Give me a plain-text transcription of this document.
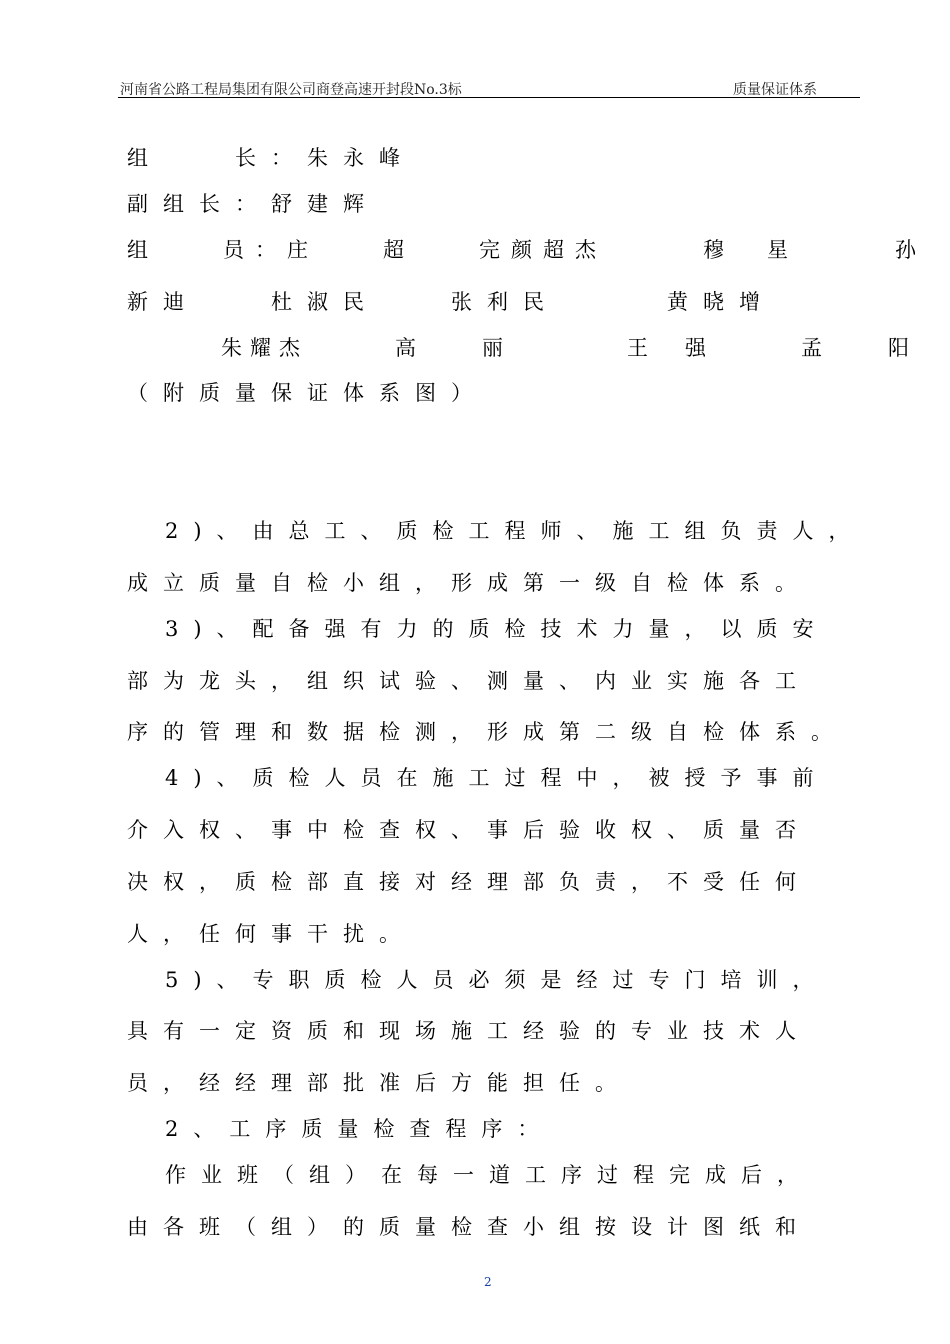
河南省公路工程局集团有限公司商登高速开封段No.3标	质量保证体系
组　　长：朱永峰
副组长：舒建辉
组　　员：庄　　超　　完颜超杰　　　穆　星　　　孙
新迪　　杜淑民　　张利民　　　黄晓增
朱耀杰　　　高　　丽　　　　王　强　　　孟　　阳
（附质量保证体系图）
2)、由总工、质检工程师、施工组负责人，
成立质量自检小组，形成第一级自检体系。
3)、配备强有力的质检技术力量，以质安
部为龙头，组织试验、测量、内业实施各工
序的管理和数据检测，形成第二级自检体系。
4)、质检人员在施工过程中，被授予事前
介入权、事中检查权、事后验收权、质量否
决权，质检部直接对经理部负责，不受任何
人，任何事干扰。
5)、专职质检人员必须是经过专门培训，
具有一定资质和现场施工经验的专业技术人
员，经经理部批准后方能担任。
2、工序质量检查程序：
作业班（组）在每一道工序过程完成后，
由各班（组）的质量检查小组按设计图纸和
2
